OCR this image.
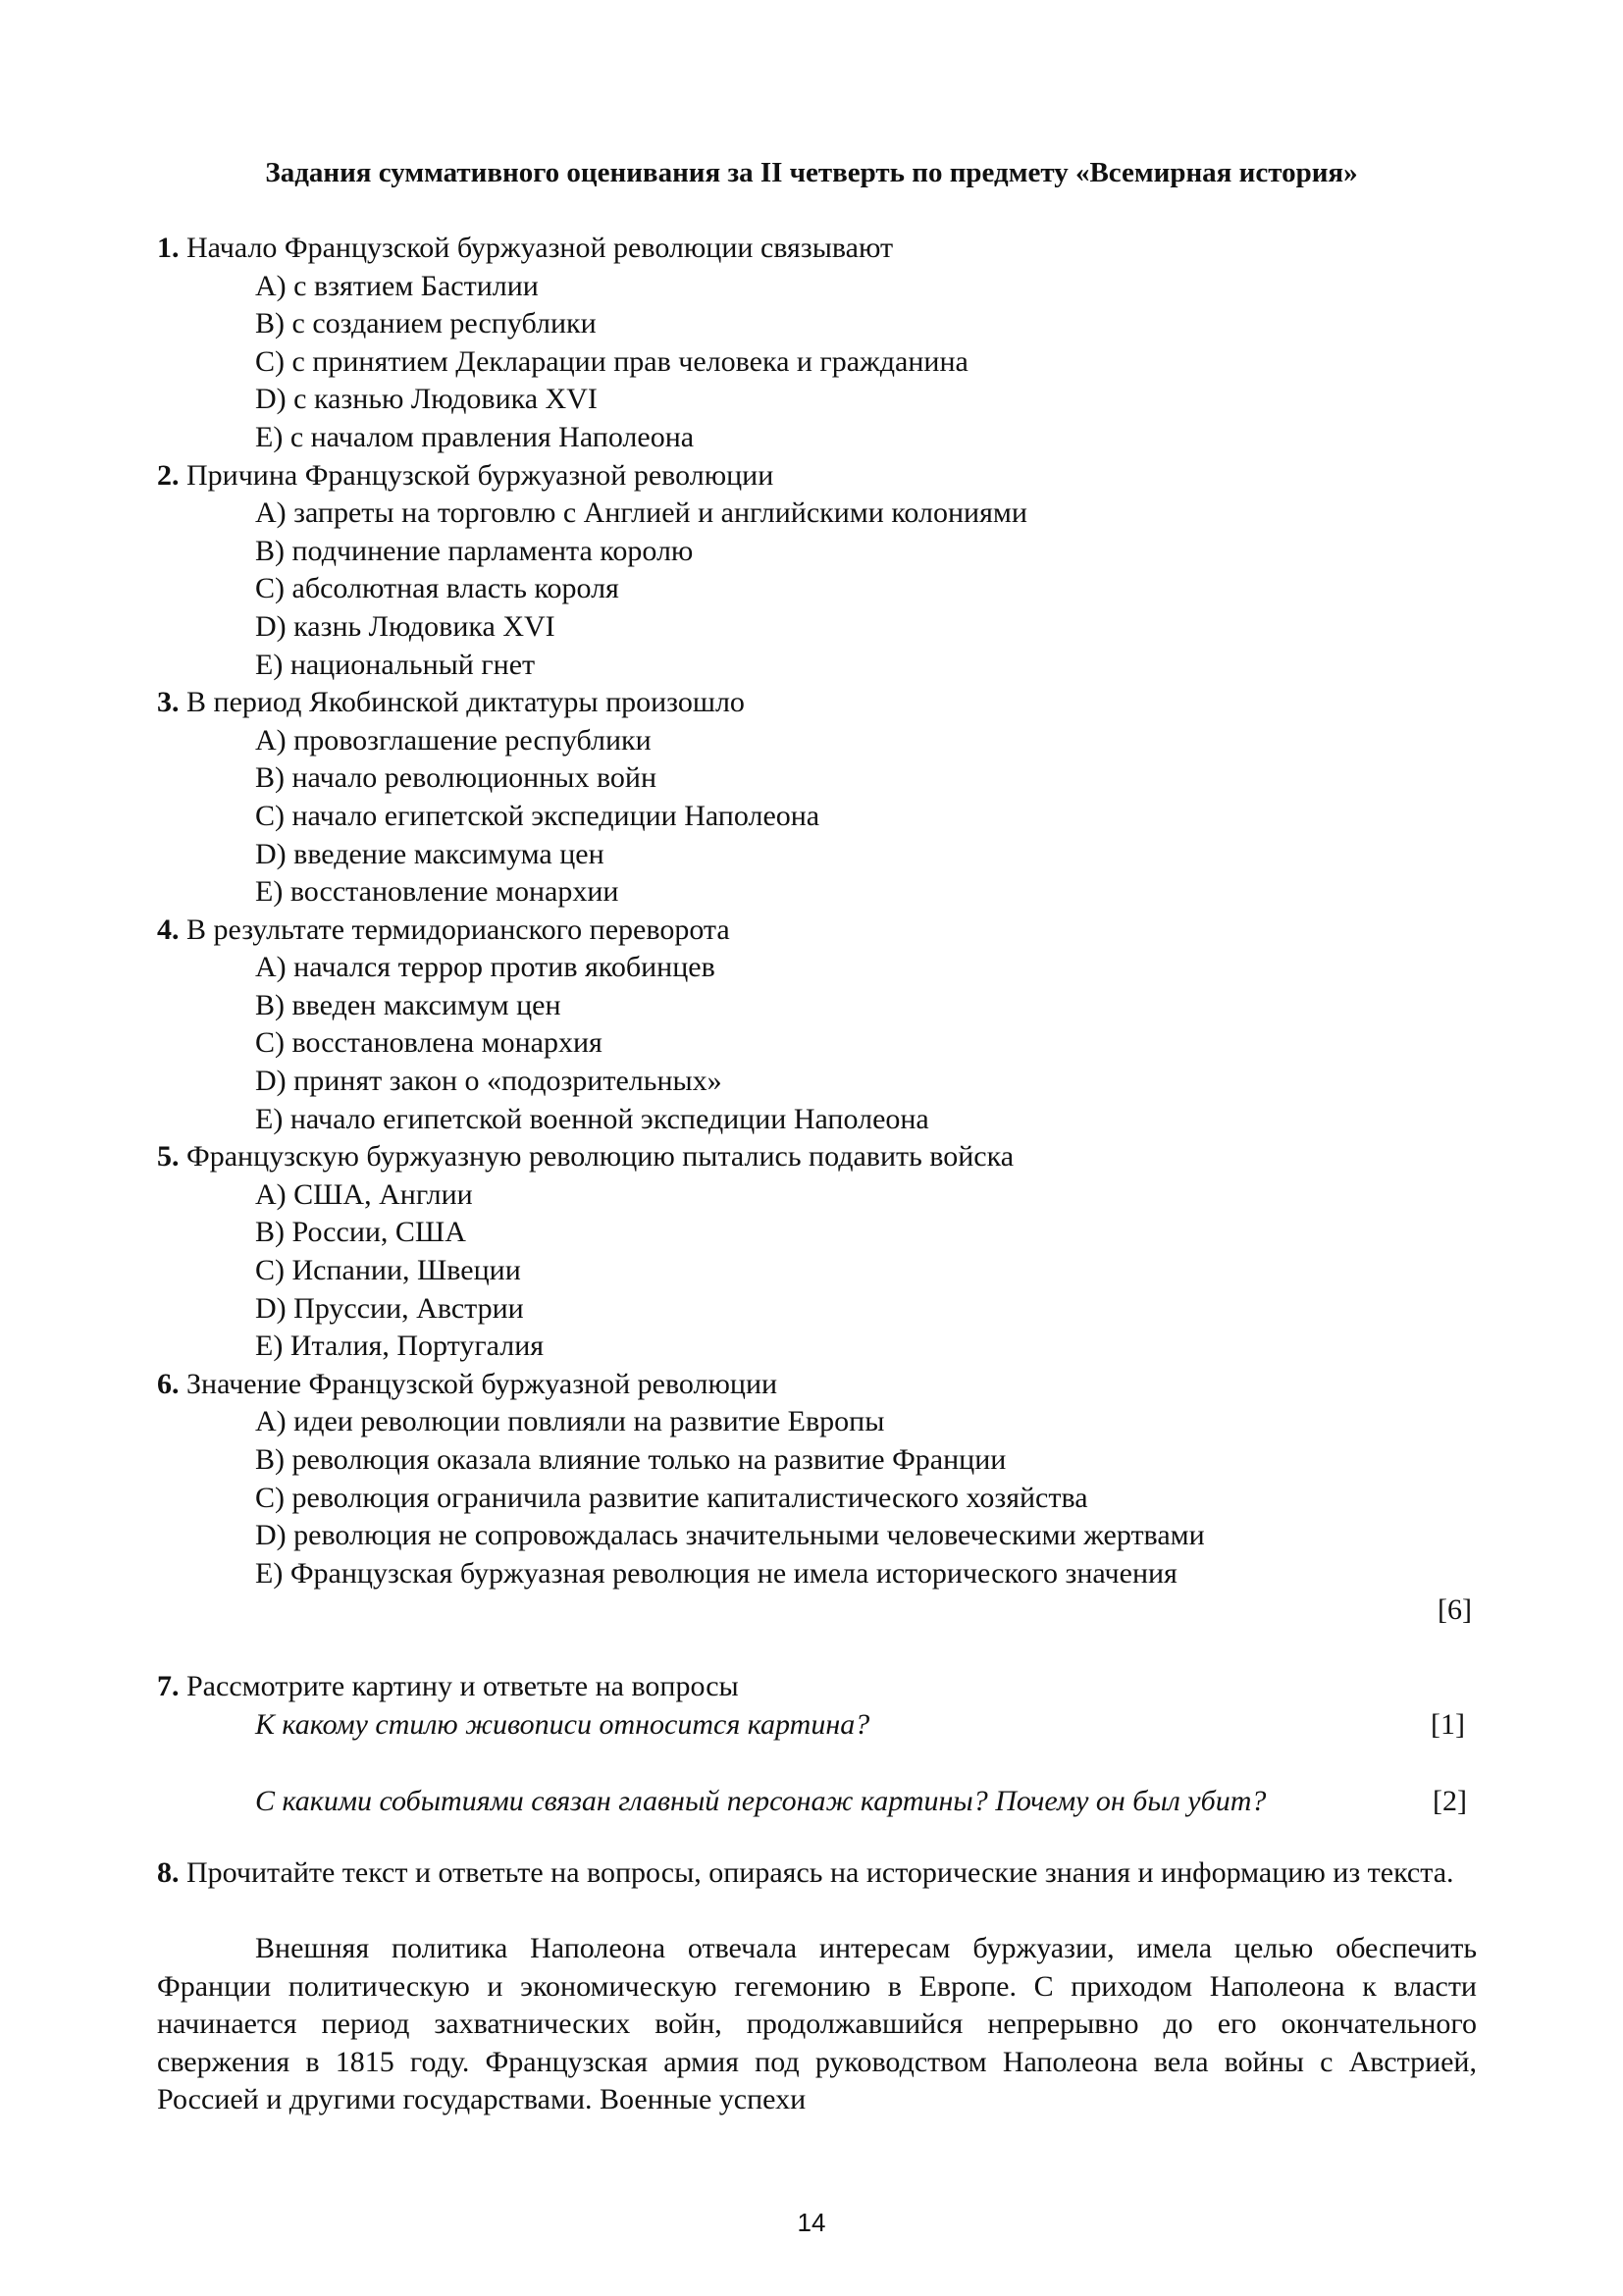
Задания суммативного оценивания за II четверть по предмету «Всемирная история»
1. Начало Французской буржуазной революции связывают
A) с взятием Бастилии
B) с созданием республики
C) с принятием Декларации прав человека и гражданина
D) с казнью Людовика XVI
E) с началом правления Наполеона
2. Причина Французской буржуазной революции
A) запреты на торговлю с Англией и английскими колониями
B) подчинение парламента королю
C) абсолютная власть короля
D) казнь Людовика XVI
E) национальный гнет
3. В период Якобинской диктатуры произошло
A) провозглашение республики
B) начало революционных войн
C) начало египетской экспедиции Наполеона
D) введение максимума цен
E) восстановление монархии
4. В результате термидорианского переворота
A) начался террор против якобинцев
B) введен максимум цен
C) восстановлена монархия
D) принят закон о «подозрительных»
E) начало египетской военной экспедиции Наполеона
5. Французскую буржуазную революцию пытались подавить войска
A) США, Англии
B) России, США
C) Испании, Швеции
D) Пруссии, Австрии
E) Италия, Португалия
6. Значение Французской буржуазной революции
A) идеи революции повлияли на развитие Европы
B) революция оказала влияние только на развитие Франции
C) революция ограничила развитие капиталистического хозяйства
D) революция не сопровождалась значительными человеческими жертвами
E) Французская буржуазная революция не имела исторического значения
[6]
7. Рассмотрите картину и ответьте на вопросы
К какому стилю живописи относится картина?	[1]
С какими событиями связан главный персонаж картины? Почему он был убит?	[2]
8. Прочитайте текст и ответьте на вопросы, опираясь на исторические знания и информацию из текста.
Внешняя политика Наполеона отвечала интересам буржуазии, имела целью обеспечить Франции политическую и экономическую гегемонию в Европе. С приходом Наполеона к власти начинается период захватнических войн, продолжавшийся непрерывно до его окончательного свержения в 1815 году. Французская армия под руководством Наполеона вела войны с Австрией, Россией и другими государствами. Военные успехи
14
